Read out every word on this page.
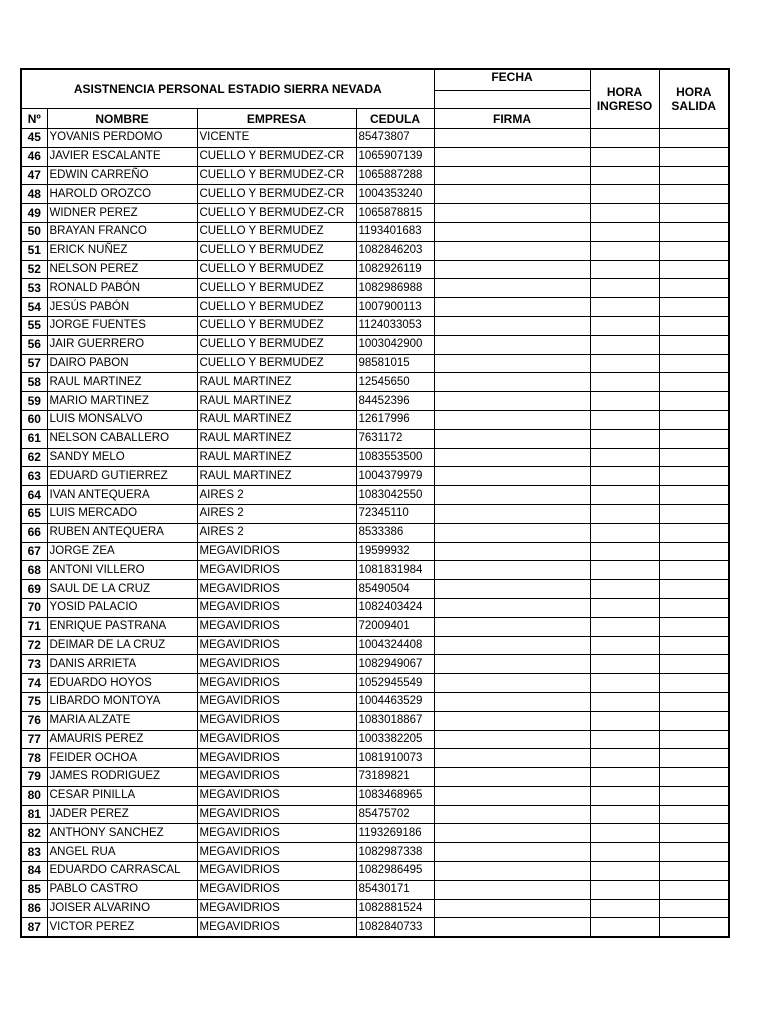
ASISTNENCIA PERSONAL ESTADIO SIERRA NEVADA				FECHA	HORA INGRESO	HORA SALIDA

Nº	NOMBRE	EMPRESA	CEDULA	FIRMA		
45	YOVANIS PERDOMO	VICENTE	85473807			
46	JAVIER ESCALANTE	CUELLO Y BERMUDEZ-CR	1065907139			
47	EDWIN CARREÑO	CUELLO Y BERMUDEZ-CR	1065887288			
48	HAROLD OROZCO	CUELLO Y BERMUDEZ-CR	1004353240			
49	WIDNER PEREZ	CUELLO Y BERMUDEZ-CR	1065878815			
50	BRAYAN FRANCO	CUELLO Y BERMUDEZ	1193401683			
51	ERICK NUÑEZ	CUELLO Y BERMUDEZ	1082846203			
52	NELSON PEREZ	CUELLO Y BERMUDEZ	1082926119			
53	RONALD PABÓN	CUELLO Y BERMUDEZ	1082986988			
54	JESÚS PABÓN	CUELLO Y BERMUDEZ	1007900113			
55	JORGE FUENTES	CUELLO Y BERMUDEZ	1124033053			
56	JAIR GUERRERO	CUELLO Y BERMUDEZ	1003042900			
57	DAIRO PABON	CUELLO Y BERMUDEZ	98581015			
58	RAUL MARTINEZ	RAUL MARTINEZ	12545650			
59	MARIO MARTINEZ	RAUL MARTINEZ	84452396			
60	LUIS MONSALVO	RAUL MARTINEZ	12617996			
61	NELSON CABALLERO	RAUL MARTINEZ	7631172			
62	SANDY MELO	RAUL MARTINEZ	1083553500			
63	EDUARD GUTIERREZ	RAUL MARTINEZ	1004379979			
64	IVAN ANTEQUERA	AIRES 2	1083042550			
65	LUIS MERCADO	AIRES 2	72345110			
66	RUBEN ANTEQUERA	AIRES 2	8533386			
67	JORGE ZEA	MEGAVIDRIOS	19599932			
68	ANTONI VILLERO	MEGAVIDRIOS	1081831984			
69	SAUL DE LA CRUZ	MEGAVIDRIOS	85490504			
70	YOSID PALACIO	MEGAVIDRIOS	1082403424			
71	ENRIQUE PASTRANA	MEGAVIDRIOS	72009401			
72	DEIMAR DE LA CRUZ	MEGAVIDRIOS	1004324408			
73	DANIS ARRIETA	MEGAVIDRIOS	1082949067			
74	EDUARDO HOYOS	MEGAVIDRIOS	1052945549			
75	LIBARDO MONTOYA	MEGAVIDRIOS	1004463529			
76	MARIA ALZATE	MEGAVIDRIOS	1083018867			
77	AMAURIS PEREZ	MEGAVIDRIOS	1003382205			
78	FEIDER OCHOA	MEGAVIDRIOS	1081910073			
79	JAMES RODRIGUEZ	MEGAVIDRIOS	73189821			
80	CESAR PINILLA	MEGAVIDRIOS	1083468965			
81	JADER PEREZ	MEGAVIDRIOS	85475702			
82	ANTHONY SANCHEZ	MEGAVIDRIOS	1193269186			
83	ANGEL RUA	MEGAVIDRIOS	1082987338			
84	EDUARDO CARRASCAL	MEGAVIDRIOS	1082986495			
85	PABLO CASTRO	MEGAVIDRIOS	85430171			
86	JOISER ALVARINO	MEGAVIDRIOS	1082881524			
87	VICTOR PEREZ	MEGAVIDRIOS	1082840733			
